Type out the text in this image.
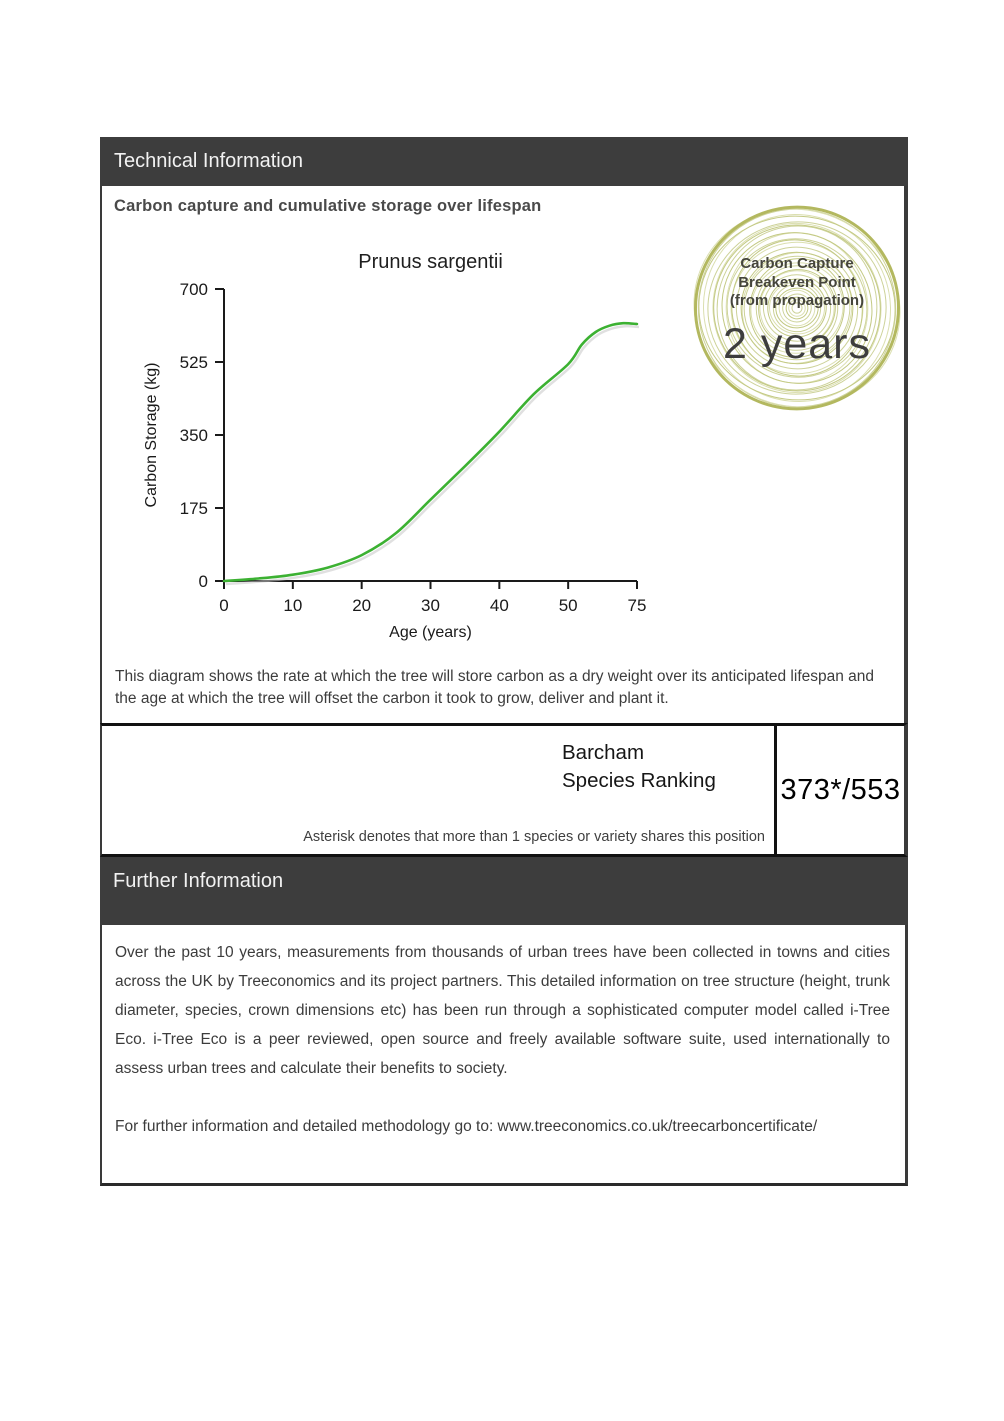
Technical Information
Carbon capture and cumulative storage over lifespan
Prunus sargentii
0
175
350
525
700
0	10	20	30	40	50	75
Age (years)
Carbon Storage (kg)
Carbon Capture
Breakeven Point
(from propagation)
2 years
This diagram shows the rate at which the tree will store carbon as a dry weight over its anticipated lifespan and the age at which the tree will offset the carbon it took to grow, deliver and plant it.
Barcham
Species Ranking
Asterisk denotes that more than 1 species or variety shares this position
373*/553
Further Information

Over the past 10 years, measurements from thousands of urban trees have been collected in towns and cities across the UK by Treeconomics and its project partners. This detailed information on tree structure (height, trunk diameter, species, crown dimensions etc) has been run through a sophisticated computer model called i-Tree Eco. i-Tree Eco is a peer reviewed, open source and freely available software suite, used internationally to assess urban trees and calculate their benefits to society.

For further information and detailed methodology go to: www.treeconomics.co.uk/treecarboncertificate/
